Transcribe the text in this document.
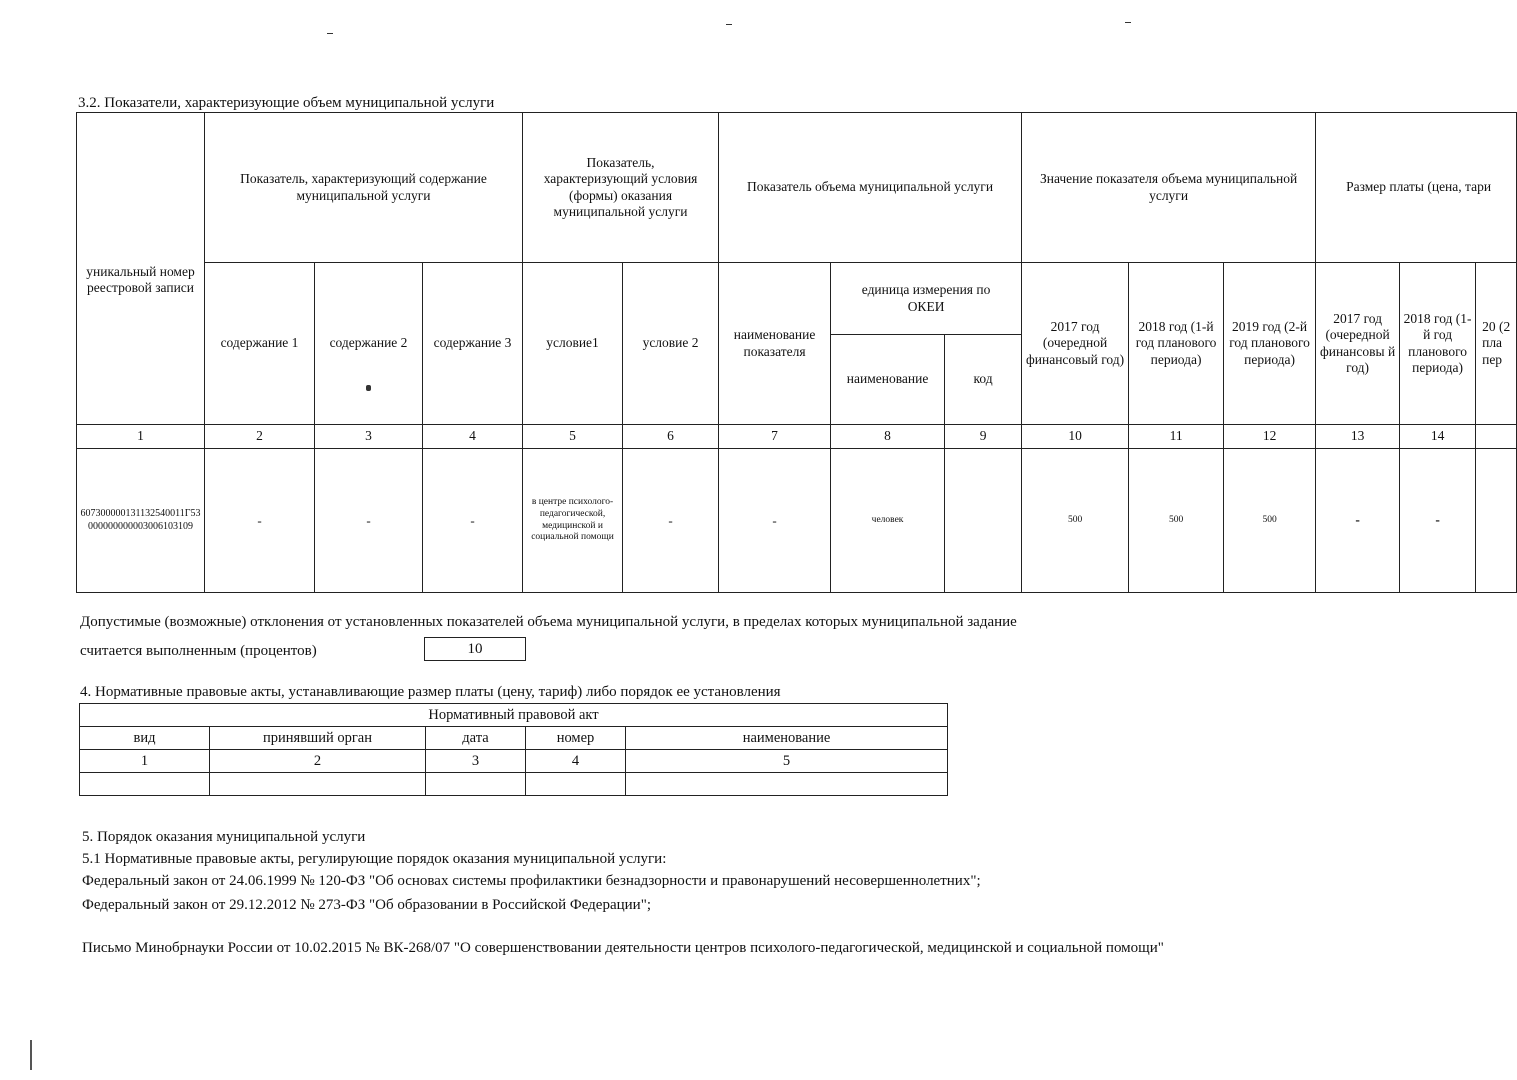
3.2. Показатели, характеризующие объем муниципальной услуги
уникальный номер реестровой записи	Показатель, характеризующий содержание муниципальной услуги			Показатель, характеризующий условия (формы) оказания муниципальной услуги		Показатель объема муниципальной услуги			Значение показателя объема муниципальной услуги			Размер платы (цена, тари		
	содержание 1	содержание 2	содержание 3	условие1	условие 2	наименование показателя	единица измерения по ОКЕИ		2017 год (очередной финансовый год)	2018 год (1-й год планового периода)	2019 год (2-й год планового периода)	2017 год (очередной финансовы й год)	2018 год (1-й год планового периода)	20 (2 пла пер
							наименование	код						
1	2	3	4	5	6	7	8	9	10	11	12	13	14	
607300000131132540011Г53000000000003006103109	-	-	-	в центре психолого-педагогической, медицинской и социальной помощи	-	-	человек		500	500	500	-	-	
Допустимые (возможные) отклонения от установленных показателей объема муниципальной услуги, в пределах которых муниципальной задание
считается выполненным (процентов)	10
4. Нормативные правовые акты, устанавливающие размер платы (цену, тариф) либо порядок ее установления
Нормативный правовой акт				
вид	принявший орган	дата	номер	наименование
1	2	3	4	5

5. Порядок оказания муниципальной услуги
5.1 Нормативные правовые акты, регулирующие порядок оказания муниципальной услуги:
Федеральный закон от 24.06.1999 № 120-ФЗ "Об основах системы профилактики безнадзорности и правонарушений несовершеннолетних";
Федеральный закон от 29.12.2012 № 273-ФЗ "Об образовании в Российской Федерации";
Письмо Минобрнауки России от 10.02.2015 № ВК-268/07 "О совершенствовании деятельности центров психолого-педагогической, медицинской и социальной помощи"
